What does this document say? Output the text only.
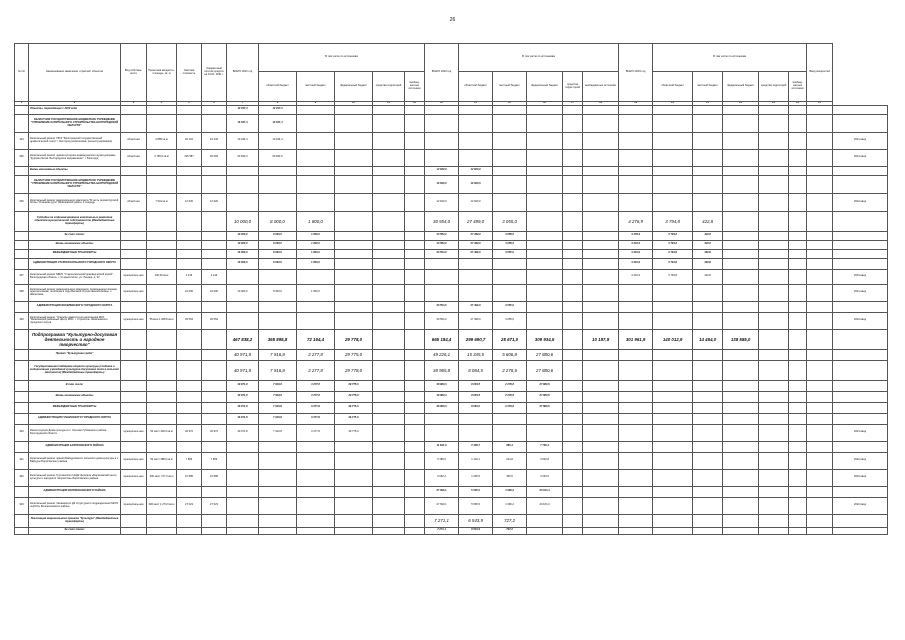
26
№ п/п	Наименование заказчиков, отраслей, объектов	Вид собствен-ности	Проектная мощность, площадь, кв. м	Сметная стоимость	Ожидае-мый остаток средств на 01.01. 2021 г.	ВСЕГО 2021 год	В том числе по источникам					ВСЕГО 2022 год	В том числе по источникам					ВСЕГО 2023 год	В том числе по источникам					Ввод мощностей	
							областной бюджет	местный бюджет	федеральный бюджет	средства территорий	внебюд-жетные источники		областной бюджет	местный бюджет	федеральный бюджет	средства терри-торий	внебюджетные источники		областной бюджет	местный бюджет	федеральный бюджет	средства территорий	внебюд-жетные источники		
1	2	3	4	5	6	7	8	9	10	11	12	13	14	15	16	17	18	19	20	21	22	23	24	25	
	Объекты, переходящие с 2020 года					10 037,4	10 037,4																		
	ОБЛАСТНОЕ ГОСУДАРСТВЕННОЕ БЮДЖЕТНОЕ УЧРЕЖДЕНИЕ "УПРАВЛЕНИЕ КАПИТАЛЬНОГО СТРОИТЕЛЬСТВА БЕЛГОРОДСКОЙ ОБЛАСТИ"					10 037,4	10 037,4																		
334	Капитальный ремонт ГБУК "Белгородский государственный драматический театр" г. Белгород (компоновка, реконструирование)	областная	4 885 кв.м	40 101	10 344	10 344,4	10 344,4																		2021 ввод
335	Капитальный ремонт здания историко-краеведческого музея-диорамы "Курская битва. Белгородское направление", г. Белгород	областная	3 155,0 кв.м	105 587	60 693	60 693,0	60 693,0																		2021 ввод
	Вновь начинаемые объекты											12 620,0	12 620,0												
	ОБЛАСТНОЕ ГОСУДАРСТВЕННОЕ БЮДЖЕТНОЕ УЧРЕЖДЕНИЕ "УПРАВЛЕНИЕ КАПИТАЛЬНОГО СТРОИТЕЛЬСТВА БЕЛГОРОДСКОЙ ОБЛАСТИ"											12 620,0	12 620,0												
336	Капитальный ремонт мемориального комплекса "В честь героев Курской битвы "Огненная дуга" Яковлевский район, 3 очередь	областная	7 944 кв.м	12 620	12 620							12 620,0	12 620,0												2022 ввод
	Субсидии на софинансирование капитальных ремонтов объектов муниципальной собственности (Межбюджетные трансферты)					10 000,0	8 000,0	1 800,0				30 554,0	27 499,0	3 055,0				4 276,9	3 794,8	422,8					
	За счет этого:					10 000,0	8 000,0	1 800,0				30 554,0	27 499,0	3 055,0				4 276,9	3 794,8	422,8					
	Вновь начинаемые объекты					10 000,0	8 000,0	1 800,0				30 554,0	27 499,0	3 055,0				4 216,9	3 794,8	422,8					
	МЕЖБЮДЖЕТНЫЕ ТРАНСФЕРТЫ					10 000,0	8 000,0	1 800,0				30 554,0	27 499,0	3 055,0				4 216,9	3 794,8	422,8					
	АДМИНИСТРАЦИЯ СТАРООСКОЛЬСКОГО ГОРОДСКОГО ОКРУГА					10 000,0	8 000,0	1 800,0										4 216,9	3 794,8	422,8					
337	Капитальный ремонт МБУК "Старооскольский краеведческий музей", Белгородская область, г. Старый Оскол, ул. Ленина, д. 32	муниципаль-ная	100,00 кв.м	4 216	4 216													4 216,9	3 794,8	422,8					2023 ввод
338	Капитальный ремонт мемориального комплекса, посвященного воинам-односельчанам, погибшим в годы Великой Отечественной войны, с. Шаталовка	муниципаль-ная		10 000	10 000	10 000,0	8 000,0	1 800,0																	2021 ввод
	АДМИНИСТРАЦИЯ ЯКОВЛЕВСКОГО ГОРОДСКОГО ОКРУГА											30 554,0	27 499,0	3 055,0											
339	Капитальный ремонт "Усадьбы заместителя начальника МКУ "Яковлевский районный Центр МЗС, г. Строитель, Яковлевского городского округа	муниципаль-ная	55 кв.м 1 308,8 кв.м	30 554	30 554							30 554,0	27 499,0	3 055,0											2022 ввод
	Подпрограмма "Культурно-досуговая деятельность и народное творчество"					467 838,2	365 895,8	72 164,4	29 778,0			665 184,4	299 690,7	25 671,0	309 934,5		10 187,9	301 961,9	140 012,9	14 464,0	138 585,0				
	Проект "Культурная среда"					40 971,8	7 916,8	3 277,8	29 775,0			49 226,1	15 345,5	5 606,8	27 880,6										
	Государственная поддержка отрасли культуры (создание и модернизация учреждений культурно-досугового типа в сельской местности) (Межбюджетные трансферты)					40 971,8	7 916,8	3 277,8	29 778,0			38 965,8	8 084,5	2 278,6	27 880,6										
	В том числе:					40 971,8	7 916,8	3 277,8	29 775,0			38 960,3	8 084,5	2 278,6	27 880,6										
	Вновь начинаемые объекты					40 971,8	7 916,8	3 277,8	29 775,0			38 960,3	8 084,5	2 278,6	27 880,6										
	МЕЖБЮДЖЕТНЫЕ ТРАНСФЕРТЫ					40 971,8	7 916,8	3 277,8	29 775,0			38 960,3	8 084,5	2 278,6	27 880,6										
	АДМИНИСТРАЦИЯ ГУБКИНСКОГО ГОРОДСКОГО ОКРУГА					40 971,8	7 916,8	3 277,8	29 775,0																
340	Реконструкция Дома культуры в с. Уколово Губкинского района Белгородской области	муниципаль-ная	50 мест 400,0 кв.м	40 972	40 972	40 971,8	7 916,8	3 277,8	29 775,0																2021 ввод
	АДМИНИСТРАЦИЯ БОРИСОВСКОГО РАЙОНА											11 847,9	2 438,7	685,4	7 726,4										
341	Капитальный ремонт здания Байцуровского сельского дома культуры в с. Байцуры Борисовского района	муниципаль-ная	50 мест 388,0 кв.м	7 866	7 866							5 185,5	1 103,1	614,8	3 620,8										2022 ввод
342	Капитальный ремонт Грузчанского ЦСДК филиала «Борисовский центр культуры и народного творчества» Борисовского района	муниципаль-ная	200 мест 477,0 кв.м	10 585	10 585							6 662,2	1 335,5	365,5	4 094,5										2022 ввод
	АДМИНИСТРАЦИЯ ВОЛОКОНОВСКОГО РАЙОНА											27 693,1	5 595,5	1 996,2	20 164,4										
343	Капитальный ремонт Чапаевского ДК структурного подразделения МКУК «ЦСКО» Волоконовского района	муниципаль-ная	300 мест 1 273,0 кв.м	27 623	27 623							27 693,1	5 595,5	1 996,2	20 164,4										2022 ввод
	Реализация национального проекта "Культура" (Межбюджетные трансферты)											7 271,1	6 543,9	727,2											
	За счет этого:											7 271,1	6 543,9	727,2											
